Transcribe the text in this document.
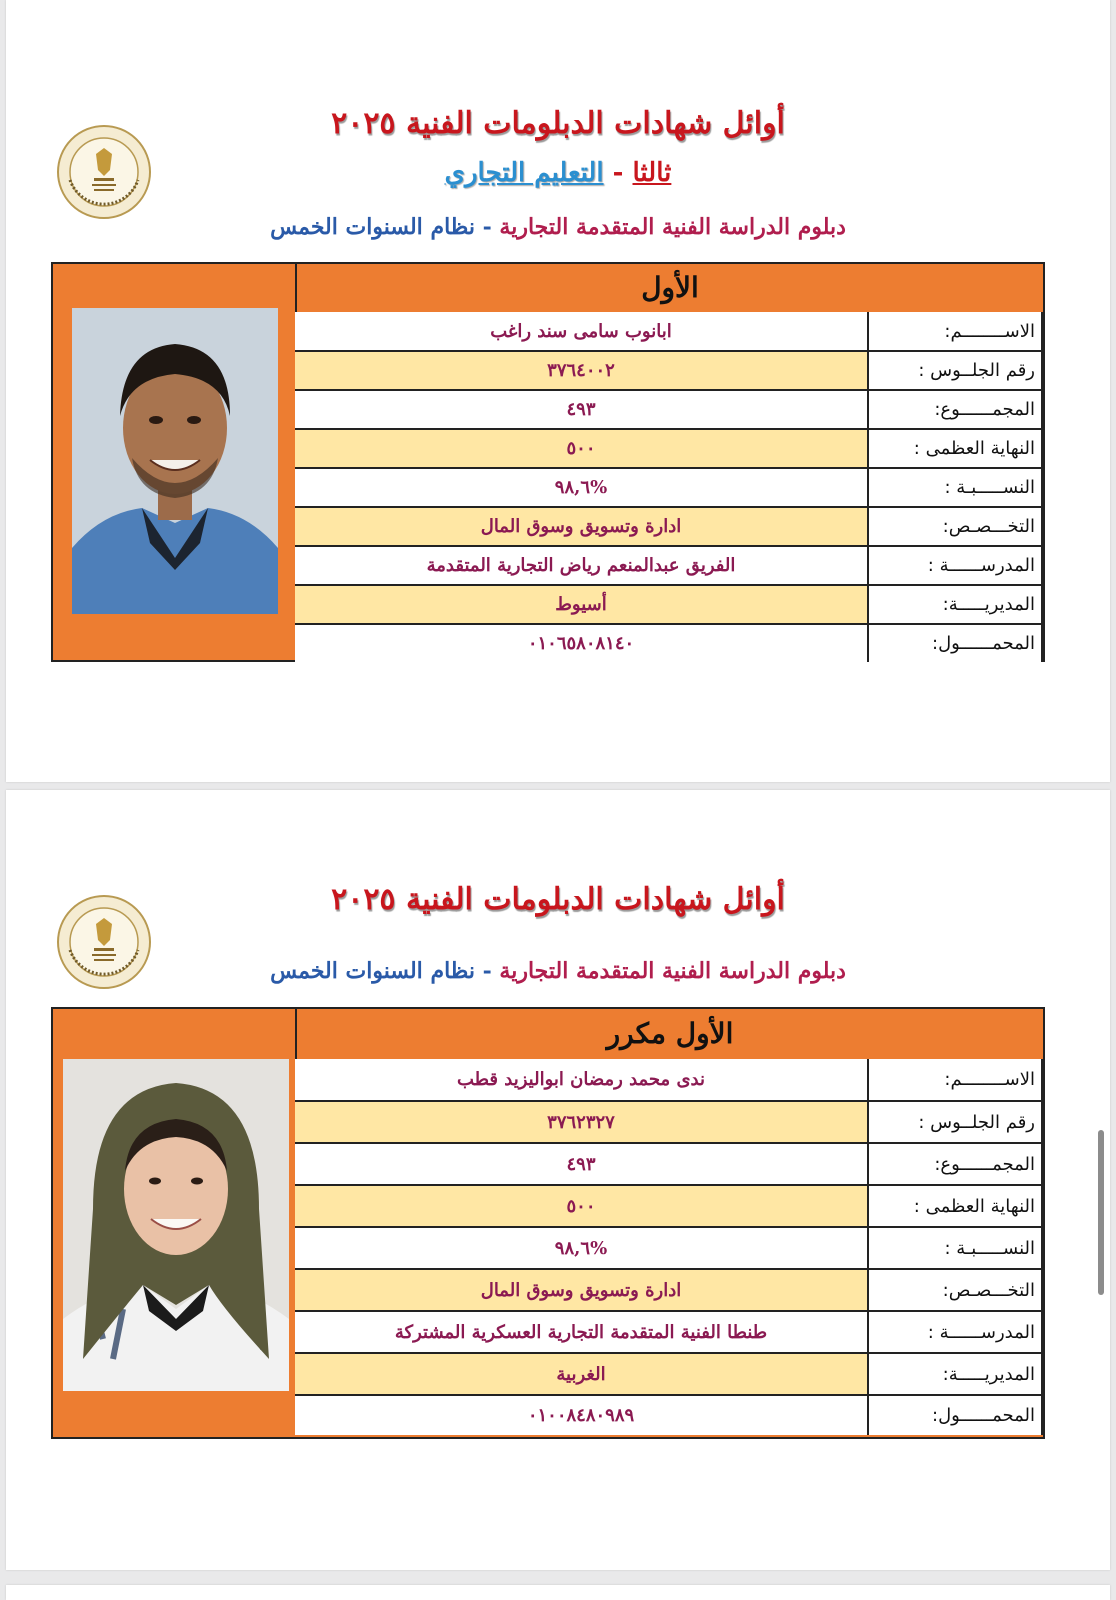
أوائل شهادات الدبلومات الفنية ٢٠٢٥
ثالثا - التعليم التجاري
دبلوم الدراسة الفنية المتقدمة التجارية - نظام السنوات الخمس
الأول
الاســــــــم:	ابانوب سامى سند راغب
رقم الجلــوس :	٣٧٦٤٠٠٢
المجمــــــوع:	٤٩٣
النهاية العظمى :	٥٠٠
النســـــبـة :	%٩٨,٦
التخـــصـص:	ادارة وتسويق وسوق المال
المدرســــــة :	الفريق عبدالمنعم رياض التجارية المتقدمة
المديريـــــة:	أسيوط
المحمــــــول:	٠١٠٦٥٨٠٨١٤٠
أوائل شهادات الدبلومات الفنية ٢٠٢٥
دبلوم الدراسة الفنية المتقدمة التجارية - نظام السنوات الخمس
الأول مكرر
الاســــــــم:	ندى محمد رمضان ابواليزيد قطب
رقم الجلــوس :	٣٧٦٢٣٢٧
المجمــــــوع:	٤٩٣
النهاية العظمى :	٥٠٠
النســـــبـة :	%٩٨,٦
التخـــصـص:	ادارة وتسويق وسوق المال
المدرســــــة :	طنطا الفنية المتقدمة التجارية العسكرية المشتركة
المديريـــــة:	الغربية
المحمــــــول:	٠١٠٠٨٤٨٠٩٨٩
